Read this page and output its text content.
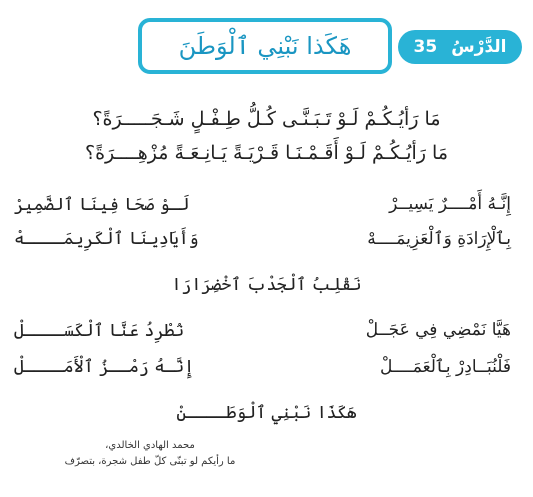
الدَّرْسُ
35
هَكَذا نَبْنِي ٱلْوَطَنَ
مَا رَأيُـكُـمْ لَـوْ تَـبَـنَّـى كُـلُّ طِـفْـلٍ شَـجَـــــرَةً؟
مَا رَأيُـكُـمْ لَـوْ أَقَـمْـنَـا قَـرْيَـةً يَـانِـعَـةً مُزْهِــــرَةً؟
إِنَّـهُ أَمْــــرٌ يَسِيــرْ
لَـوْ صَحَا فِينَا ٱلضَّمِيرْ
بِٱلْإِرَادَةِ وَٱلْعَزِيمَــــهْ
وَأَيَادِينَا ٱلْكَرِيمَــــهْ
نَقْلِبُ ٱلْجَدْبَ ٱخْضِرَارَا
هَيَّا نَمْضِي فِي عَجَــلْ
نُطْرِدُ عَنَّا ٱلْكَسَــــلْ
فَلْنُبَــادِرْ بِٱلْعَمَــــلْ
إِنَّـهُ رَمْــزُ ٱلْأَمَــــلْ
هَكَذَا نَبْنِي ٱلْوَطَــــنْ
محمد الهادي الخالدي،
ما رأيكم لو تبنّى كلّ طفل شجرة، بتصرّف
